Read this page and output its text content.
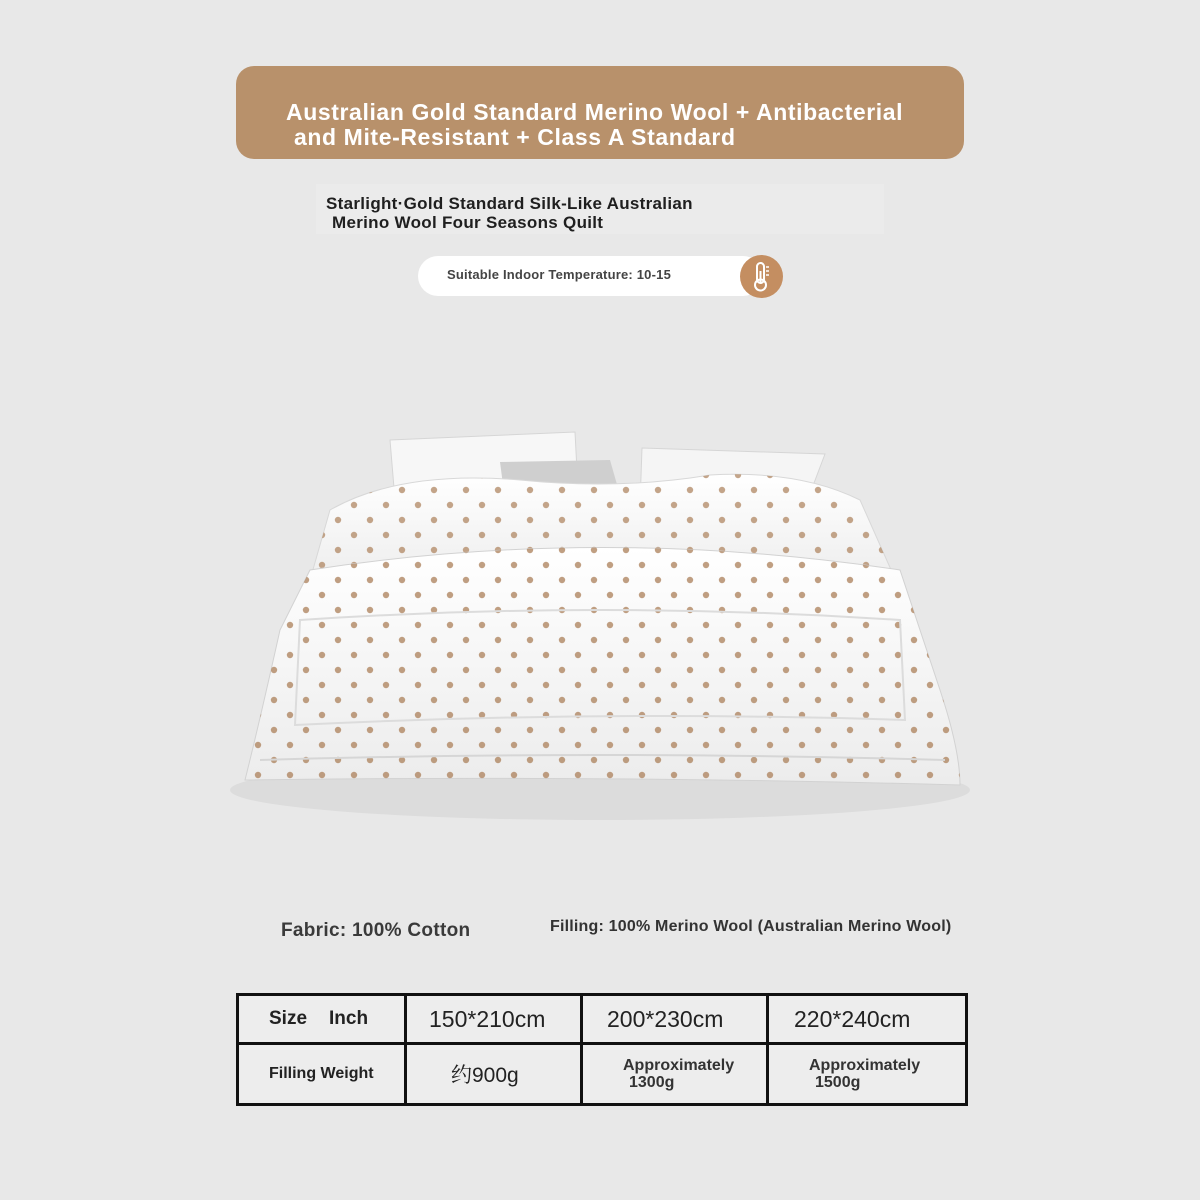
Australian Gold Standard Merino Wool + Antibacterial
and Mite-Resistant + Class A Standard
Starlight·Gold Standard Silk-Like Australian
Merino Wool Four Seasons Quilt
Suitable Indoor Temperature: 10-15
Fabric: 100% Cotton	Filling: 100% Merino Wool (Australian Merino Wool)
Size Inch	150*210cm	200*230cm	220*240cm

Filling Weight	约900g	Approximately
1300g	Approximately
1500g
